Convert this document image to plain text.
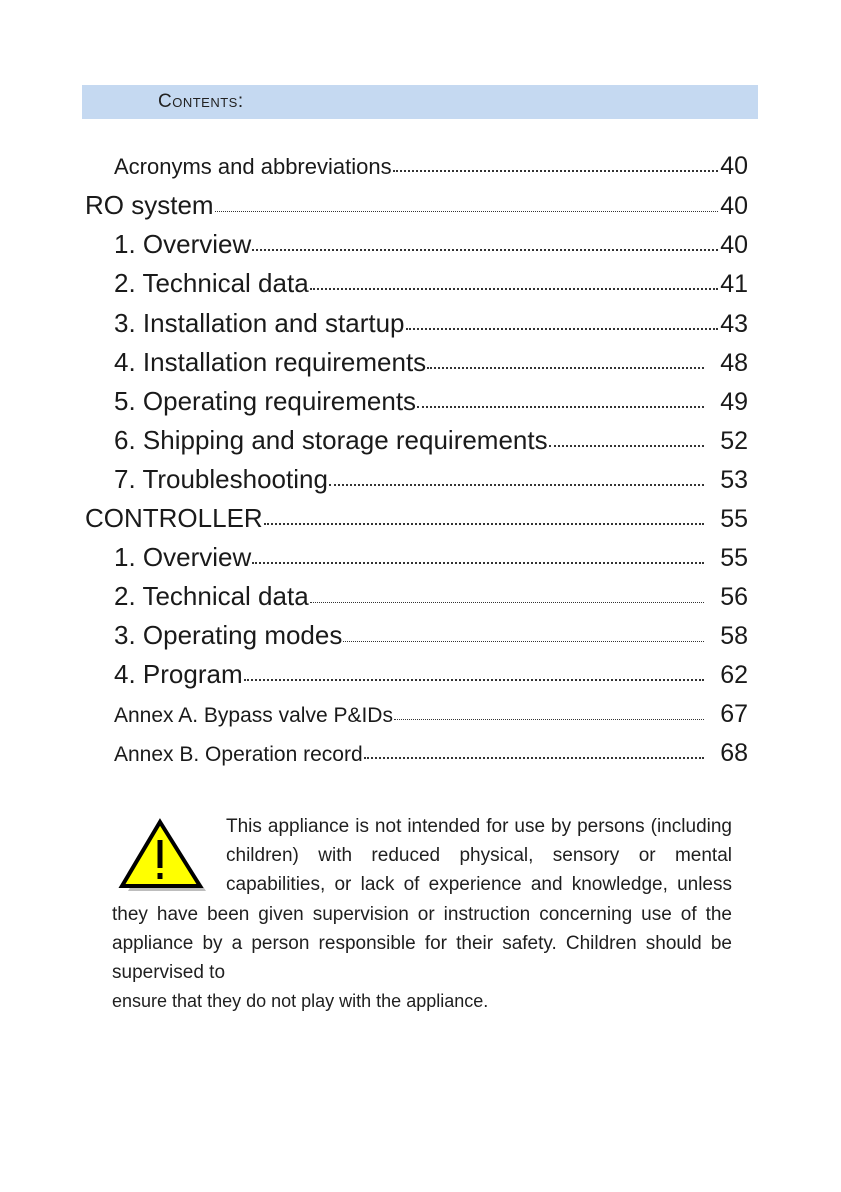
Contents:
Acronyms and abbreviations	40
RO system	40
1. Overview	40
2. Technical data	41
3. Installation and startup	43
4. Installation requirements	48
5. Operating requirements	49
6. Shipping and storage requirements	52
7. Troubleshooting	53
CONTROLLER	55
1. Overview	55
2. Technical data	56
3. Operating modes	58
4. Program	62
Annex A. Bypass valve P&IDs	67
Annex B. Operation record	68
This appliance is not intended for use by persons (including children) with reduced physical, sensory or mental capabilities, or lack of experience and knowledge, unless they have been given supervision or instruction concerning use of the appliance by a person responsible for their safety. Children should be supervised to
ensure that they do not play with the appliance.
